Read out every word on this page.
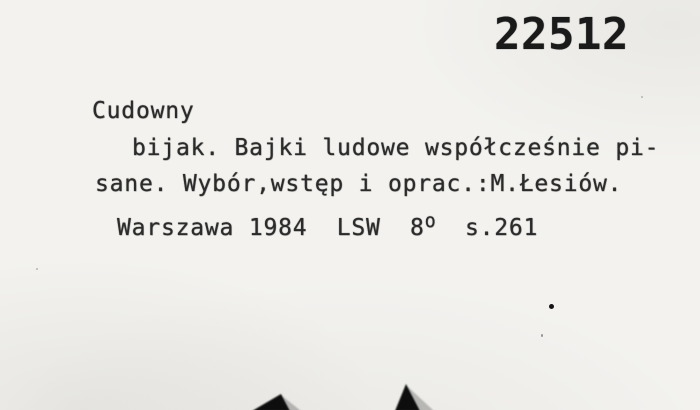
22512
Cudowny
bijak. Bajki ludowe współcześnie pi-
sane. Wybór,wstęp i oprac.:M.Łesiów.
Warszawa 1984  LSW  8$^o$  s.261
